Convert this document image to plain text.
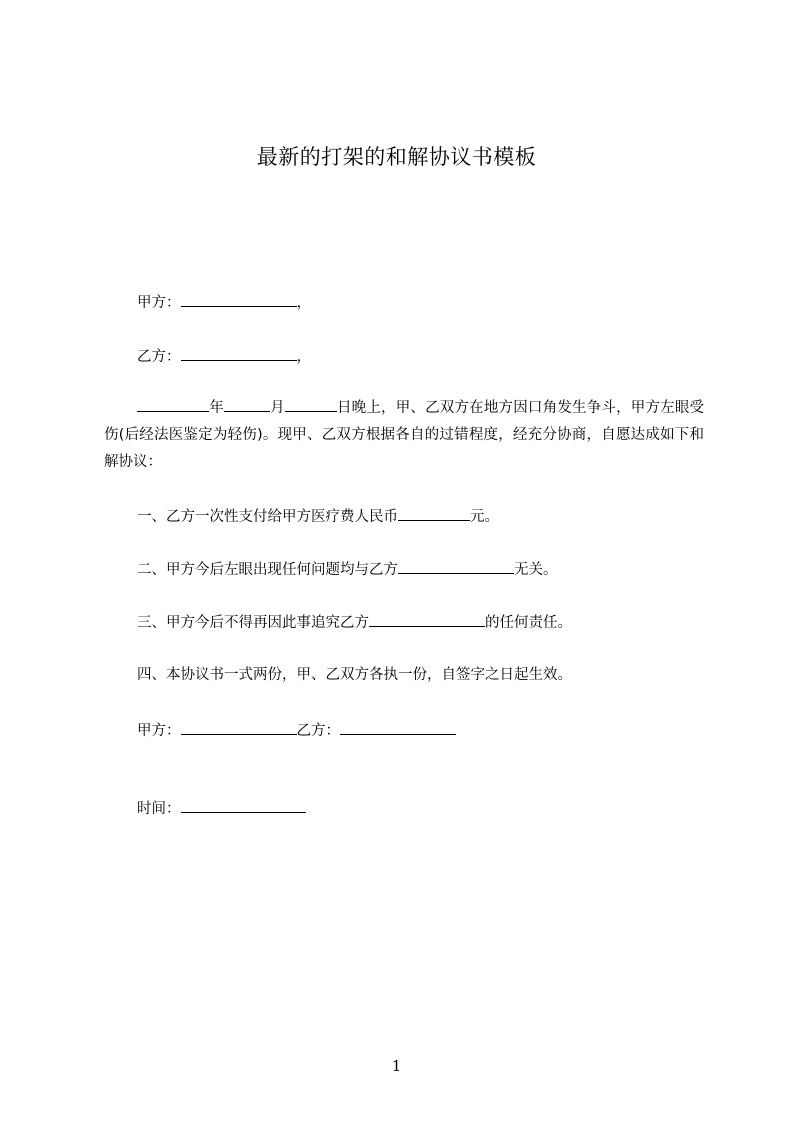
最新的打架的和解协议书模板
甲方：	，
乙方：	，
年	月	日晚上，甲、乙双方在地方因口角发生争斗，甲方左眼受伤(后经法医鉴定为轻伤)。现甲、乙双方根据各自的过错程度，经充分协商，自愿达成如下和解协议：
一、乙方一次性支付给甲方医疗费人民币	元。
二、甲方今后左眼出现任何问题均与乙方	无关。
三、甲方今后不得再因此事追究乙方	的任何责任。
四、本协议书一式两份，甲、乙双方各执一份，自签字之日起生效。
甲方：	乙方：
时间：
1
